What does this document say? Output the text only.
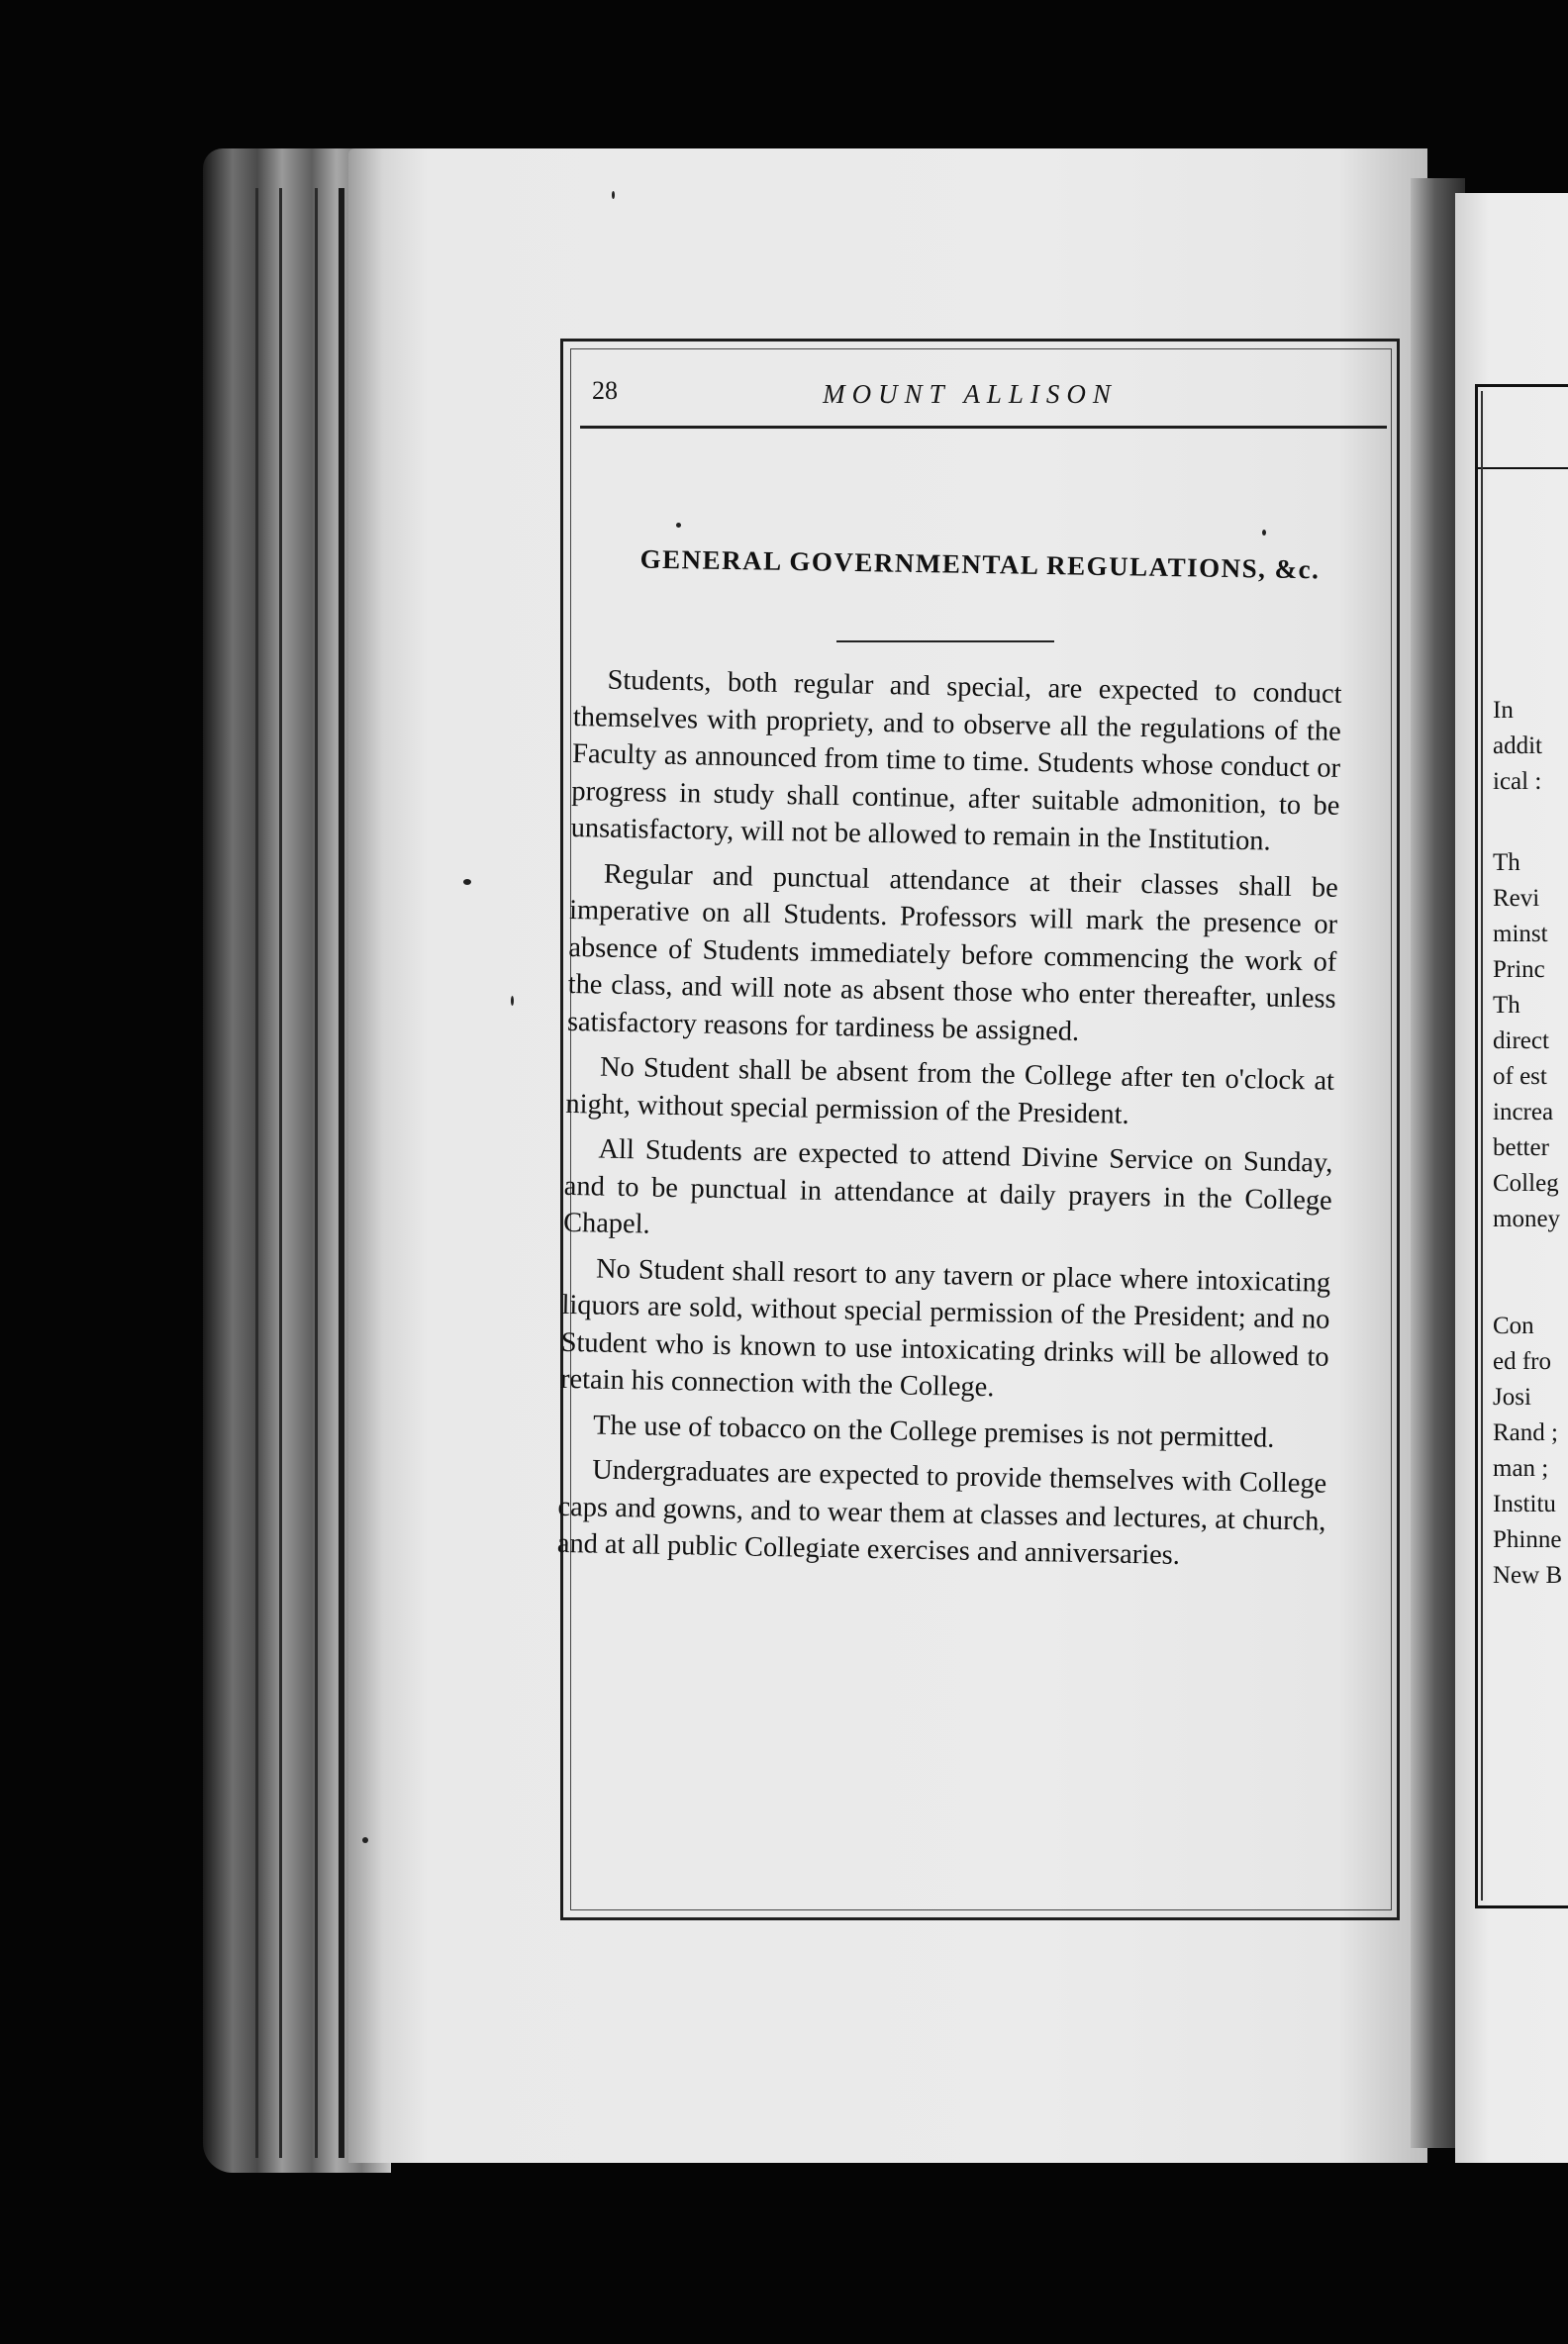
In
addit
ical :
Th
Revi
minst
Princ
Th
direct
of est
increa
better
Colleg
money
Con
ed fro
Josi
Rand ;
man ;
Institu
Phinne
New B
28	MOUNT ALLISON
GENERAL GOVERNMENTAL REGULATIONS, &c.

Students, both regular and special, are expected to conduct themselves with propriety, and to observe all the regulations of the Faculty as announced from time to time. Students whose conduct or progress in study shall continue, after suitable admonition, to be unsatisfactory, will not be allowed to remain in the Institution.

Regular and punctual attendance at their classes shall be imperative on all Students. Professors will mark the presence or absence of Students immediately before commencing the work of the class, and will note as absent those who enter thereafter, unless satisfactory reasons for tardiness be assigned.

No Student shall be absent from the College after ten o'clock at night, without special permission of the President.

All Students are expected to attend Divine Service on Sunday, and to be punctual in attendance at daily prayers in the College Chapel.

No Student shall resort to any tavern or place where intoxicating liquors are sold, without special permission of the President; and no Student who is known to use intoxicating drinks will be allowed to retain his connection with the College.

The use of tobacco on the College premises is not permitted.

Undergraduates are expected to provide themselves with College caps and gowns, and to wear them at classes and lectures, at church, and at all public Collegiate exercises and anniversaries.
